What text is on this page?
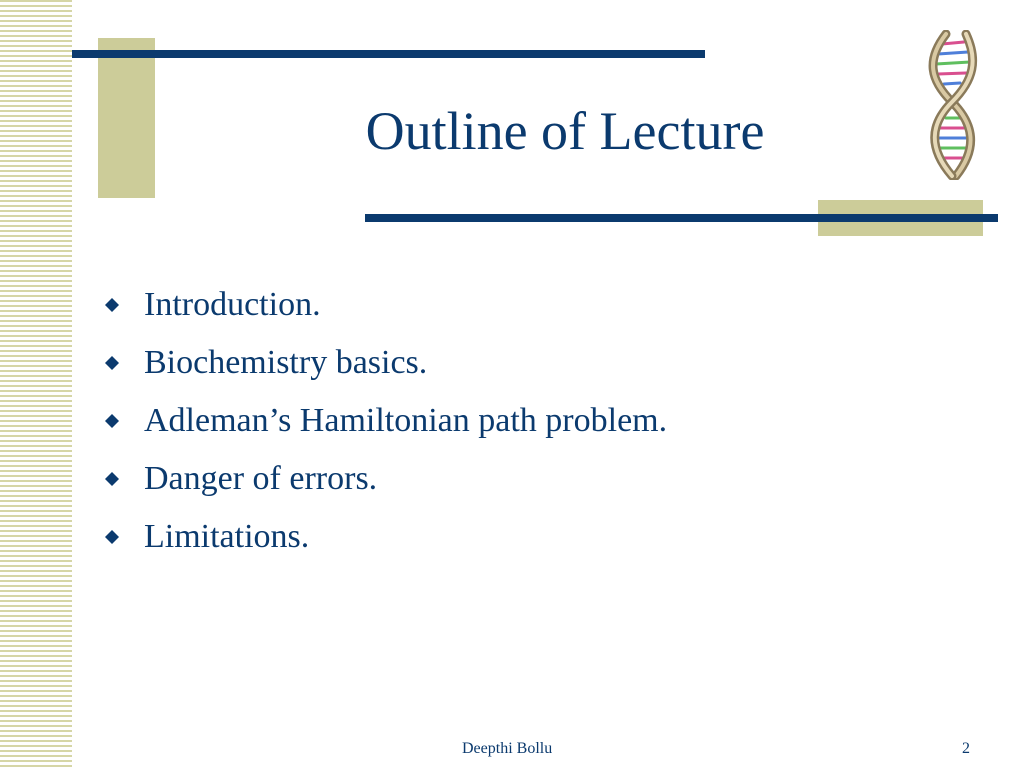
Outline of Lecture
Introduction.
Biochemistry basics.
Adleman’s Hamiltonian path problem.
Danger of errors.
Limitations.
Deepthi Bollu	2
